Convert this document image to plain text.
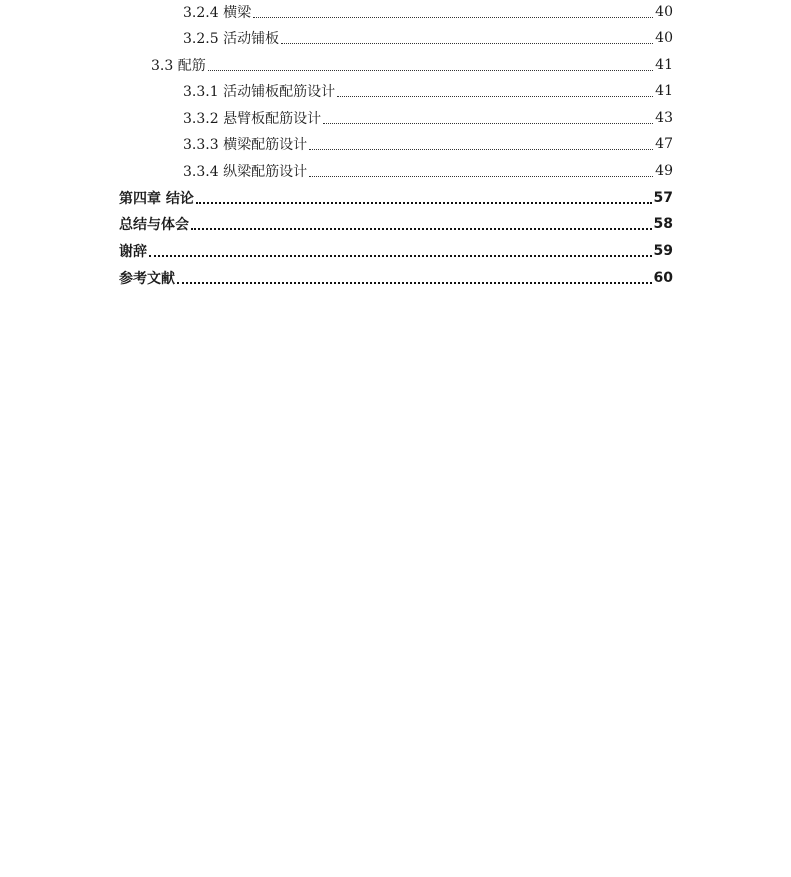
3.2.4 横梁	40
3.2.5 活动铺板	40
3.3 配筋	41
3.3.1 活动铺板配筋设计	41
3.3.2 悬臂板配筋设计	43
3.3.3 横梁配筋设计	47
3.3.4 纵梁配筋设计	49
第四章 结论	57
总结与体会	58
谢辞	59
参考文献	60
